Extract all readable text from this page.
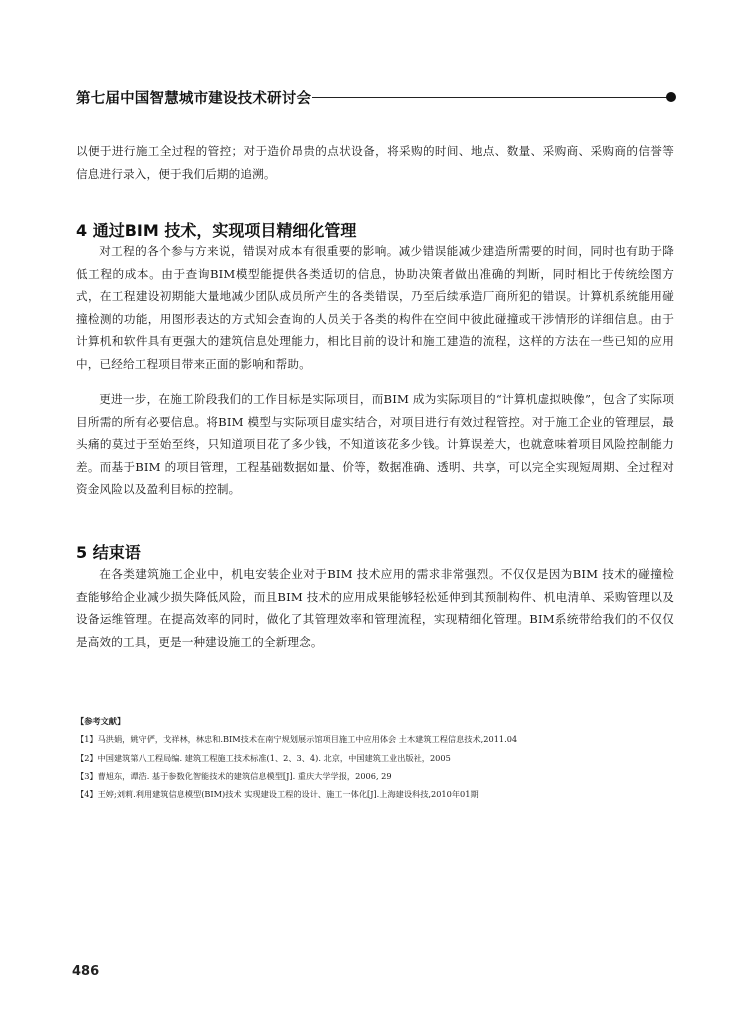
第七届中国智慧城市建设技术研讨会

以便于进行施工全过程的管控；对于造价昂贵的点状设备，将采购的时间、地点、数量、采购商、采购商的信誉等信息进行录入，便于我们后期的追溯。

4 通过BIM 技术，实现项目精细化管理

对工程的各个参与方来说，错误对成本有很重要的影响。减少错误能减少建造所需要的时间，同时也有助于降低工程的成本。由于查询BIM模型能提供各类适切的信息，协助决策者做出准确的判断，同时相比于传统绘图方式，在工程建设初期能大量地减少团队成员所产生的各类错误，乃至后续承造厂商所犯的错误。计算机系统能用碰撞检测的功能，用图形表达的方式知会查询的人员关于各类的构件在空间中彼此碰撞或干涉情形的详细信息。由于计算机和软件具有更强大的建筑信息处理能力，相比目前的设计和施工建造的流程，这样的方法在一些已知的应用中，已经给工程项目带来正面的影响和帮助。

更进一步，在施工阶段我们的工作目标是实际项目，而BIM 成为实际项目的“计算机虚拟映像”，包含了实际项目所需的所有必要信息。将BIM 模型与实际项目虚实结合，对项目进行有效过程管控。对于施工企业的管理层，最头痛的莫过于至始至终，只知道项目花了多少钱，不知道该花多少钱。计算误差大，也就意味着项目风险控制能力差。而基于BIM 的项目管理，工程基础数据如量、价等，数据准确、透明、共享，可以完全实现短周期、全过程对资金风险以及盈利目标的控制。

5 结束语

在各类建筑施工企业中，机电安装企业对于BIM 技术应用的需求非常强烈。不仅仅是因为BIM 技术的碰撞检查能够给企业减少损失降低风险，而且BIM 技术的应用成果能够轻松延伸到其预制构件、机电清单、采购管理以及设备运维管理。在提高效率的同时，做化了其管理效率和管理流程，实现精细化管理。BIM系统带给我们的不仅仅是高效的工具，更是一种建设施工的全新理念。

【参考文献】
【1】马洪娟，姚守俨，戈祥林，林忠和.BIM技术在南宁规划展示馆项目施工中应用体会 土木建筑工程信息技术,2011.04
【2】中国建筑第八工程局编. 建筑工程施工技术标准(1、2、3、4). 北京，中国建筑工业出版社，2005
【3】曹旭东，谭浩. 基于参数化智能技术的建筑信息模型[J]. 重庆大学学报，2006, 29
【4】王婷;刘莉.利用建筑信息模型(BIM)技术 实现建设工程的设计、施工一体化[J].上海建设科技,2010年01期
486
